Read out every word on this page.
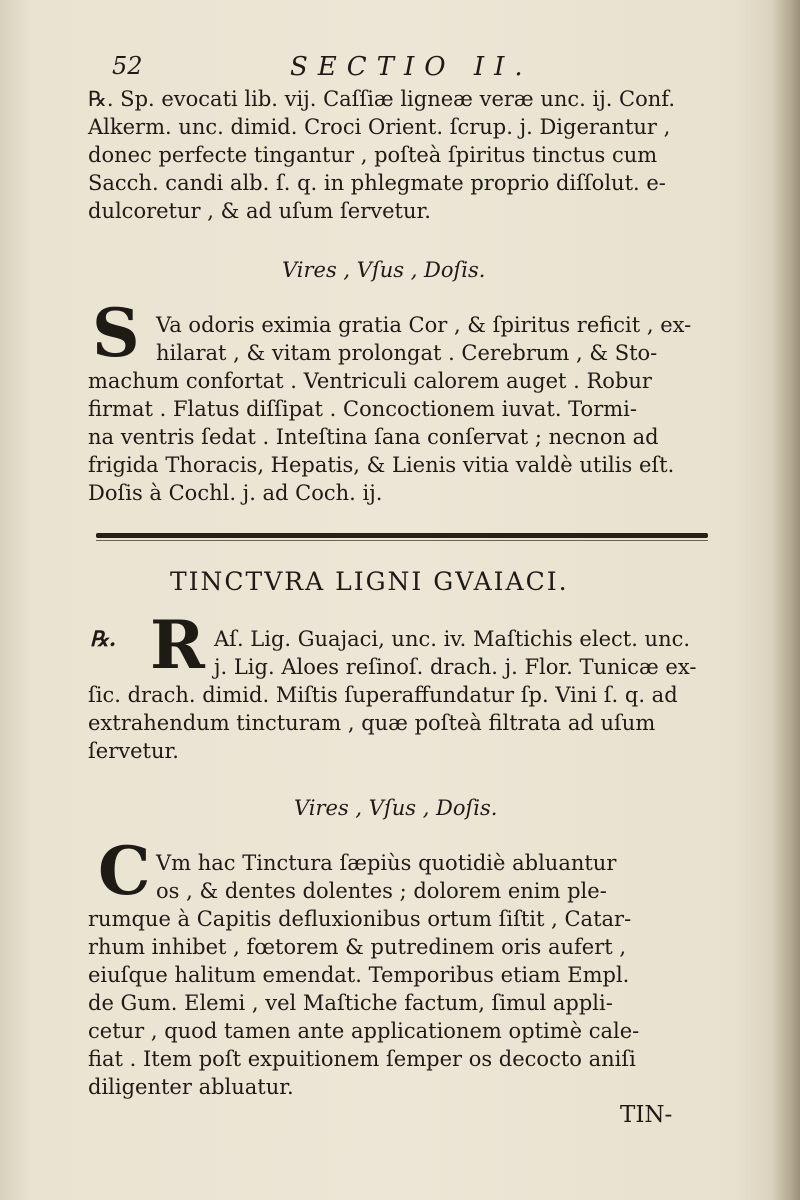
52	SECTIO II.
℞. Sp. evocati lib. vij. Caſſiæ ligneæ veræ unc. ij. Conf.
Alkerm. unc. dimid. Croci Orient. ſcrup. j. Digerantur ,
donec perfecte tingantur , poſteà ſpiritus tinctus cum
Sacch. candi alb. ſ. q. in phlegmate proprio diſſolut. e-
dulcoretur , & ad uſum ſervetur.
Vires , Vſus , Doſis.
S Va odoris eximia gratia Cor , & ſpiritus reficit , ex-
hilarat , & vitam prolongat . Cerebrum , & Sto-
machum confortat . Ventriculi calorem auget . Robur
firmat . Flatus diſſipat . Concoctionem iuvat. Tormi-
na ventris ſedat . Inteſtina ſana conſervat ; necnon ad
frigida Thoracis, Hepatis, & Lienis vitia valdè utilis eſt.
Doſis à Cochl. j. ad Coch. ij.
TINCTVRA LIGNI GVAIACI.
℞. R Aſ. Lig. Guajaci, unc. iv. Maſtichis elect. unc.
j. Lig. Aloes reſinoſ. drach. j. Flor. Tunicæ ex-
ſic. drach. dimid. Miſtis ſuperaffundatur ſp. Vini ſ. q. ad
extrahendum tincturam , quæ poſteà filtrata ad uſum
ſervetur.
Vires , Vſus , Doſis.
C Vm hac Tinctura ſæpiùs quotidiè abluantur
os , & dentes dolentes ; dolorem enim ple-
rumque à Capitis defluxionibus ortum ſiſtit , Catar-
rhum inhibet , fœtorem & putredinem oris aufert ,
eiuſque halitum emendat. Temporibus etiam Empl.
de Gum. Elemi , vel Maſtiche factum, ſimul appli-
cetur , quod tamen ante applicationem optimè cale-
fiat . Item poſt expuitionem ſemper os decocto aniſi
diligenter abluatur.
TIN-
